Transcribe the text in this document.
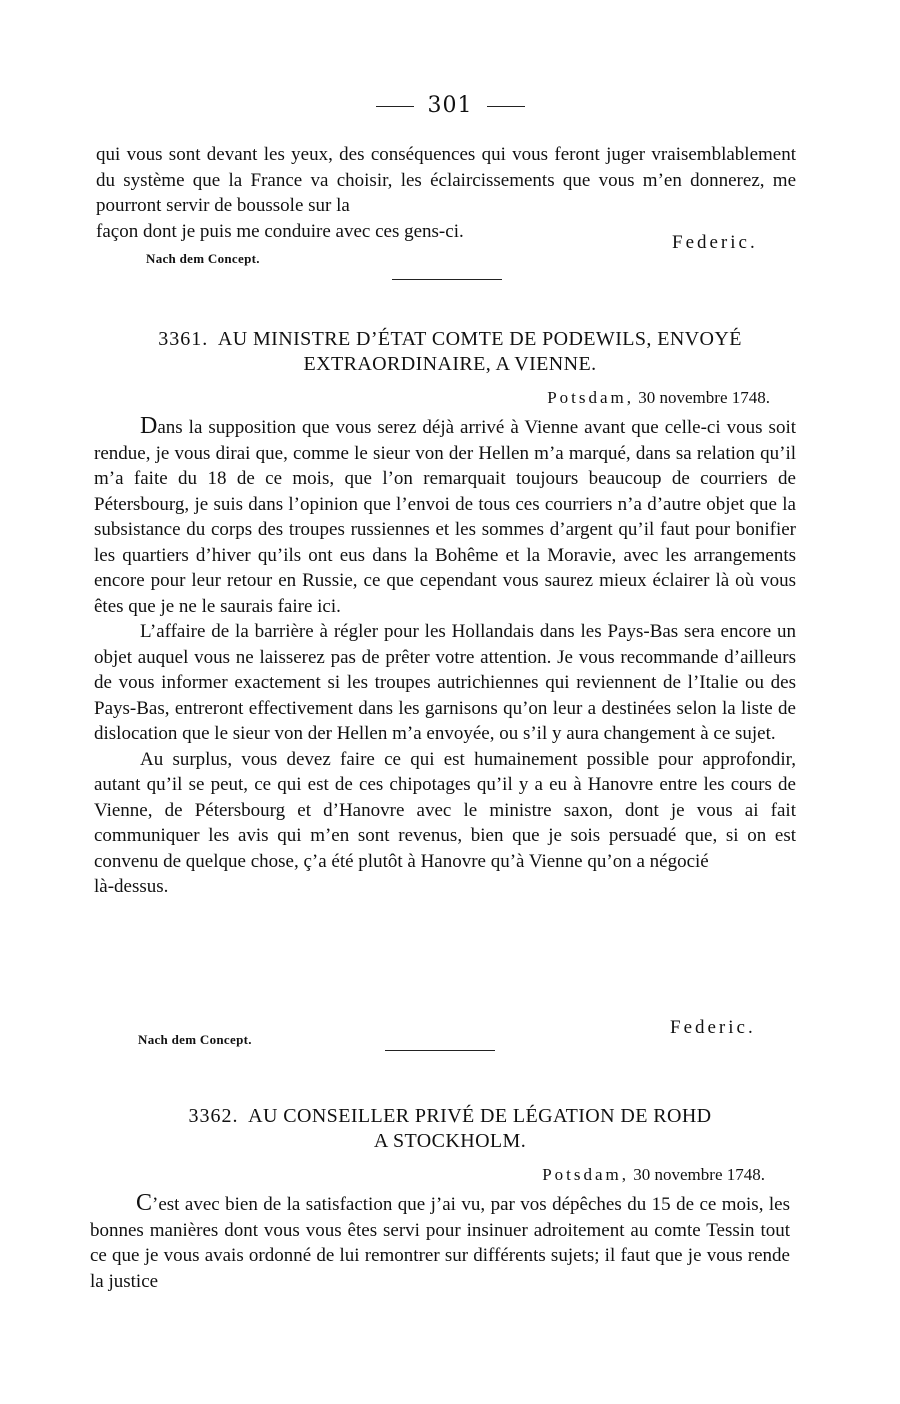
301

qui vous sont devant les yeux, des conséquences qui vous feront juger vraisemblablement du système que la France va choisir, les éclaircissements que vous m’en donnerez, me pourront servir de boussole sur la

façon dont je puis me conduire avec ces gens-ci.

Federic.
Nach dem Concept.
3361. AU MINISTRE D’ÉTAT COMTE DE PODEWILS, ENVOYÉ
EXTRAORDINAIRE, A VIENNE.
Potsdam, 30 novembre 1748.

Dans la supposition que vous serez déjà arrivé à Vienne avant que celle-ci vous soit rendue, je vous dirai que, comme le sieur von der Hellen m’a marqué, dans sa relation qu’il m’a faite du 18 de ce mois, que l’on remarquait toujours beaucoup de courriers de Pétersbourg, je suis dans l’opinion que l’envoi de tous ces courriers n’a d’autre objet que la subsistance du corps des troupes russiennes et les sommes d’argent qu’il faut pour bonifier les quartiers d’hiver qu’ils ont eus dans la Bohême et la Moravie, avec les arrangements encore pour leur retour en Russie, ce que cependant vous saurez mieux éclairer là où vous êtes que je ne le saurais faire ici.

L’affaire de la barrière à régler pour les Hollandais dans les Pays-Bas sera encore un objet auquel vous ne laisserez pas de prêter votre attention. Je vous recommande d’ailleurs de vous informer exactement si les troupes autrichiennes qui reviennent de l’Italie ou des Pays-Bas, entreront effectivement dans les garnisons qu’on leur a destinées selon la liste de dislocation que le sieur von der Hellen m’a envoyée, ou s’il y aura changement à ce sujet.

Au surplus, vous devez faire ce qui est humainement possible pour approfondir, autant qu’il se peut, ce qui est de ces chipotages qu’il y a eu à Hanovre entre les cours de Vienne, de Pétersbourg et d’Hanovre avec le ministre saxon, dont je vous ai fait communiquer les avis qui m’en sont revenus, bien que je sois persuadé que, si on est convenu de quelque chose, ç’a été plutôt à Hanovre qu’à Vienne qu’on a négocié

là-dessus.

Federic.
Nach dem Concept.
3362. AU CONSEILLER PRIVÉ DE LÉGATION DE ROHD
A STOCKHOLM.
Potsdam, 30 novembre 1748.

C’est avec bien de la satisfaction que j’ai vu, par vos dépêches du 15 de ce mois, les bonnes manières dont vous vous êtes servi pour insinuer adroitement au comte Tessin tout ce que je vous avais ordonné de lui remontrer sur différents sujets; il faut que je vous rende la justice
